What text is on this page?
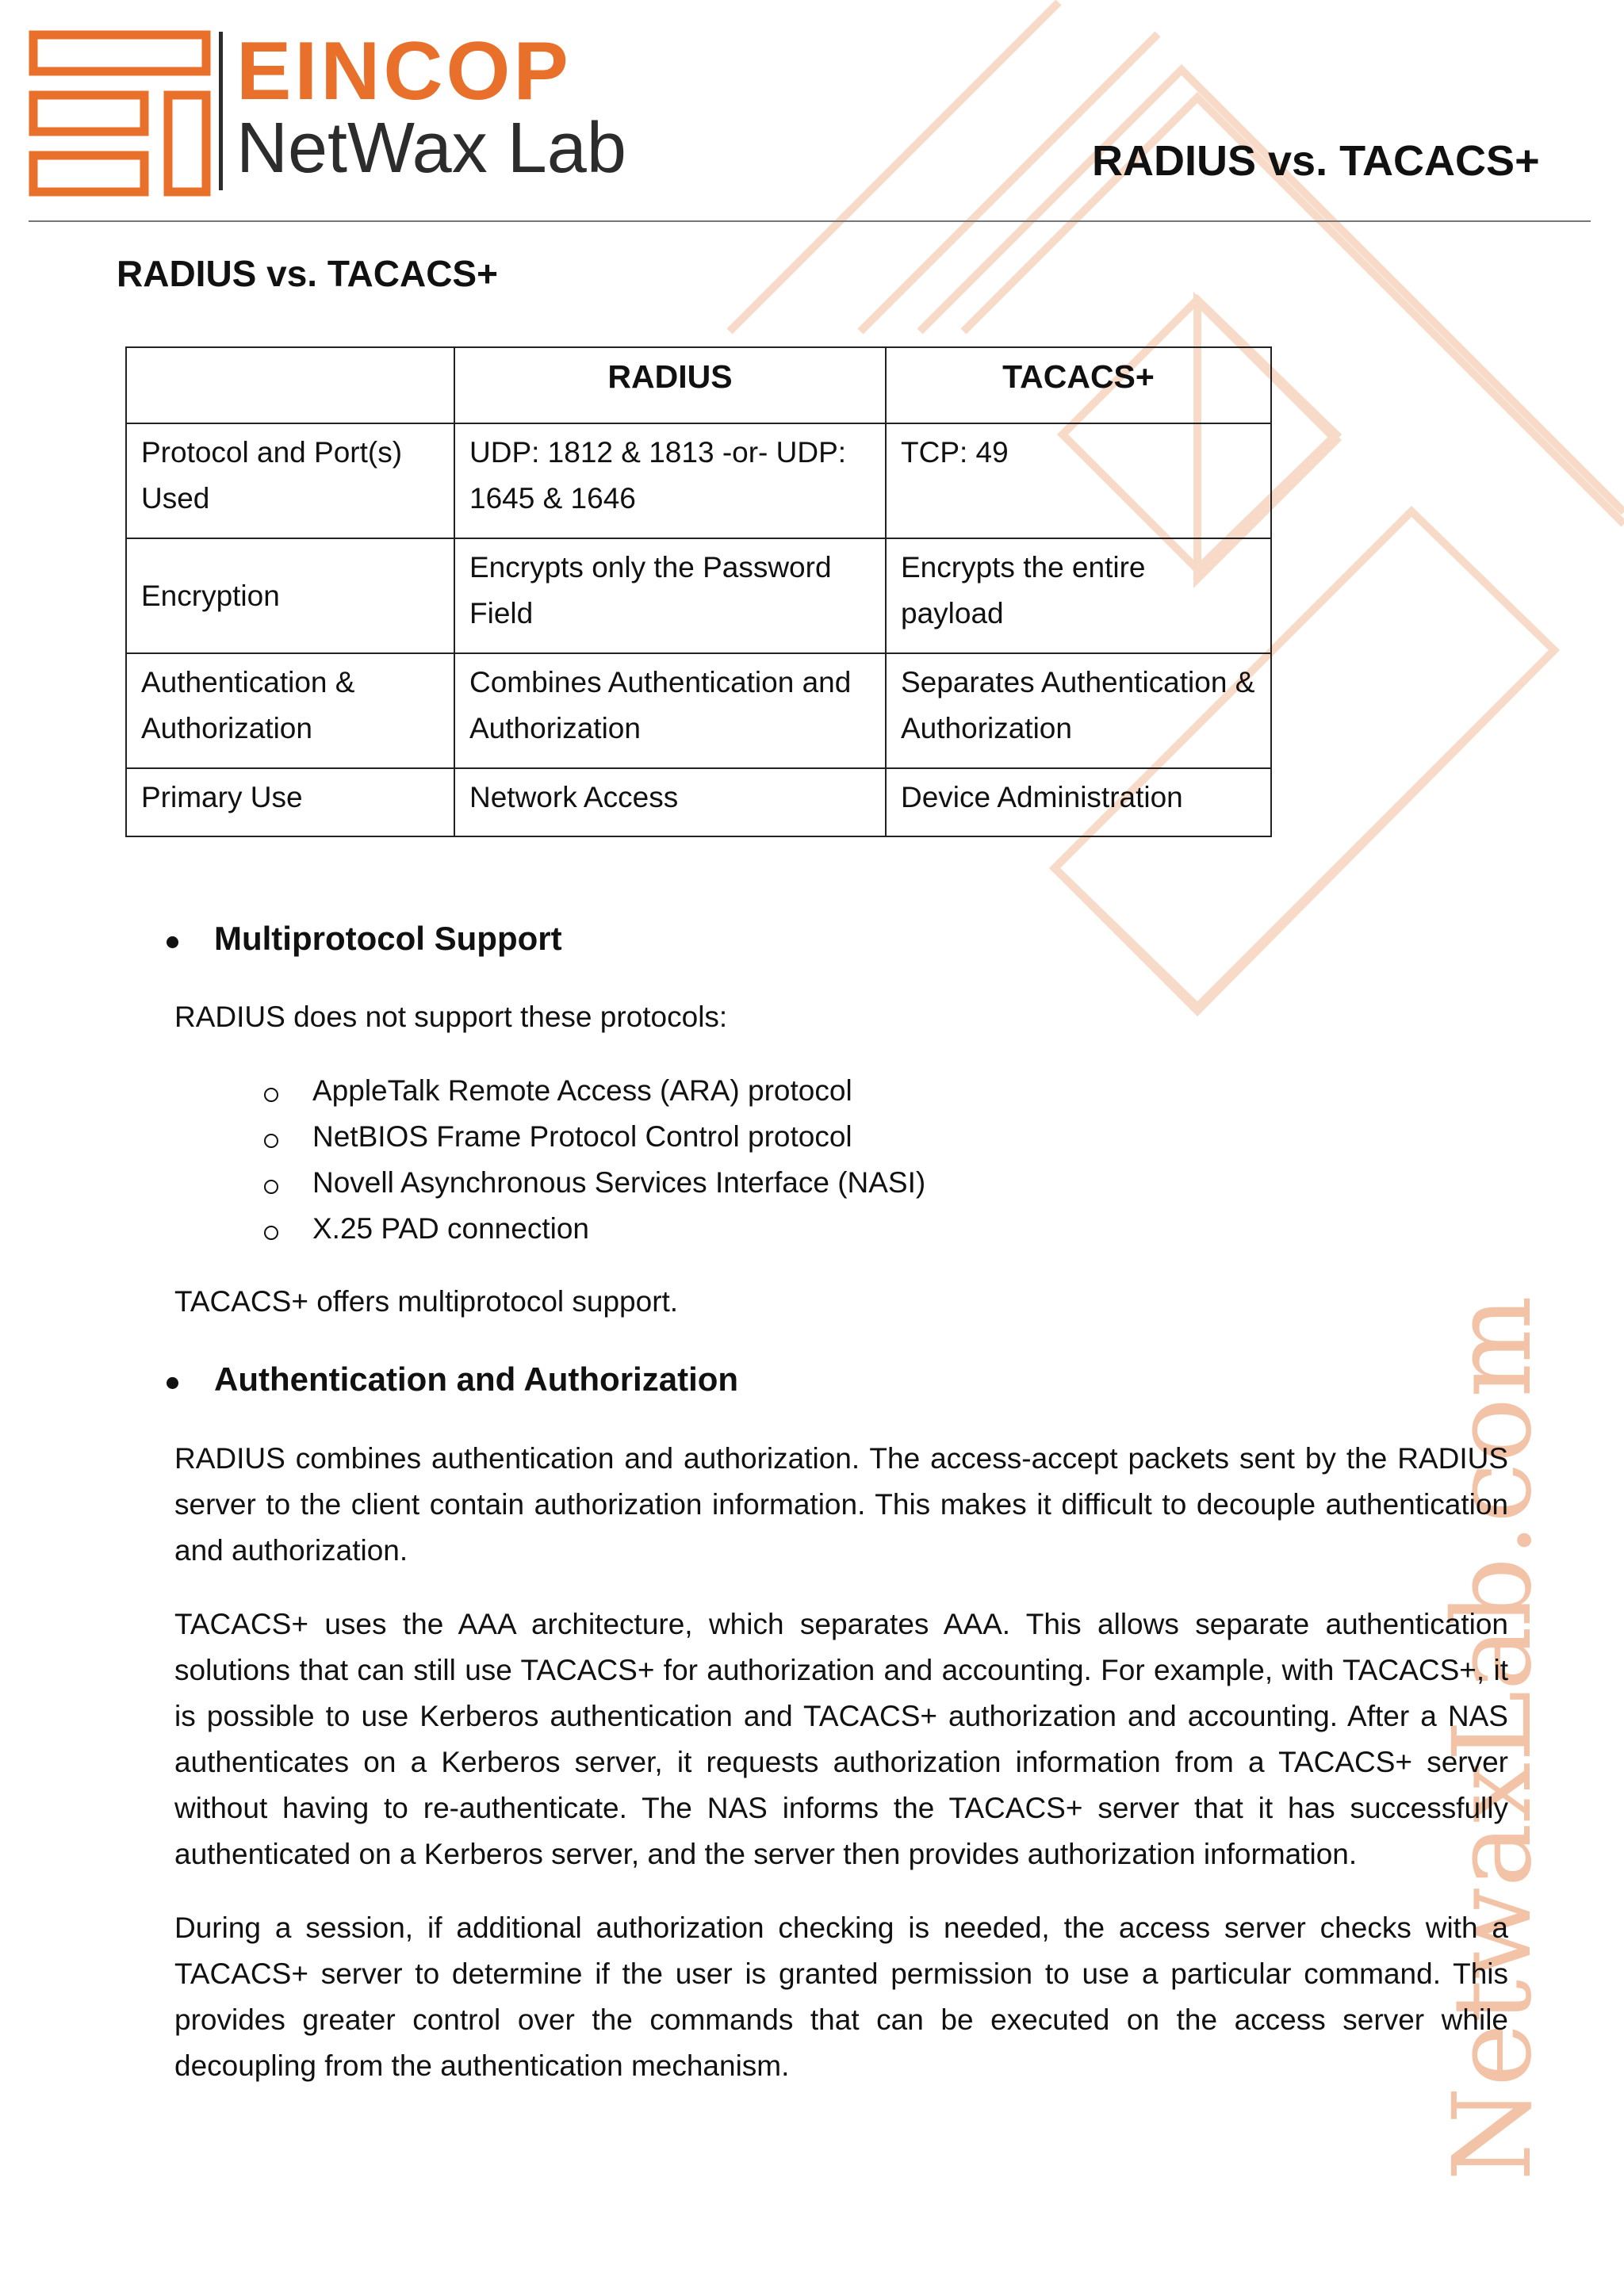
NetwaxLab.com
EINCOP
NetWax Lab	RADIUS vs. TACACS+
RADIUS vs. TACACS+
	RADIUS	TACACS+
Protocol and Port(s) Used	UDP: 1812 & 1813 -or- UDP: 1645 & 1646	TCP: 49
Encryption	Encrypts only the Password Field	Encrypts the entire payload
Authentication & Authorization	Combines Authentication and Authorization	Separates Authentication & Authorization
Primary Use	Network Access	Device Administration
Multiprotocol Support
RADIUS does not support these protocols:
AppleTalk Remote Access (ARA) protocol
NetBIOS Frame Protocol Control protocol
Novell Asynchronous Services Interface (NASI)
X.25 PAD connection
TACACS+ offers multiprotocol support.
Authentication and Authorization
RADIUS combines authentication and authorization. The access-accept packets sent by the RADIUS server to the client contain authorization information. This makes it difficult to decouple authentication and authorization.
TACACS+ uses the AAA architecture, which separates AAA. This allows separate authentication solutions that can still use TACACS+ for authorization and accounting. For example, with TACACS+, it is possible to use Kerberos authentication and TACACS+ authorization and accounting. After a NAS authenticates on a Kerberos server, it requests authorization information from a TACACS+ server without having to re-authenticate. The NAS informs the TACACS+ server that it has successfully authenticated on a Kerberos server, and the server then provides authorization information.
During a session, if additional authorization checking is needed, the access server checks with a TACACS+ server to determine if the user is granted permission to use a particular command. This provides greater control over the commands that can be executed on the access server while decoupling from the authentication mechanism.
